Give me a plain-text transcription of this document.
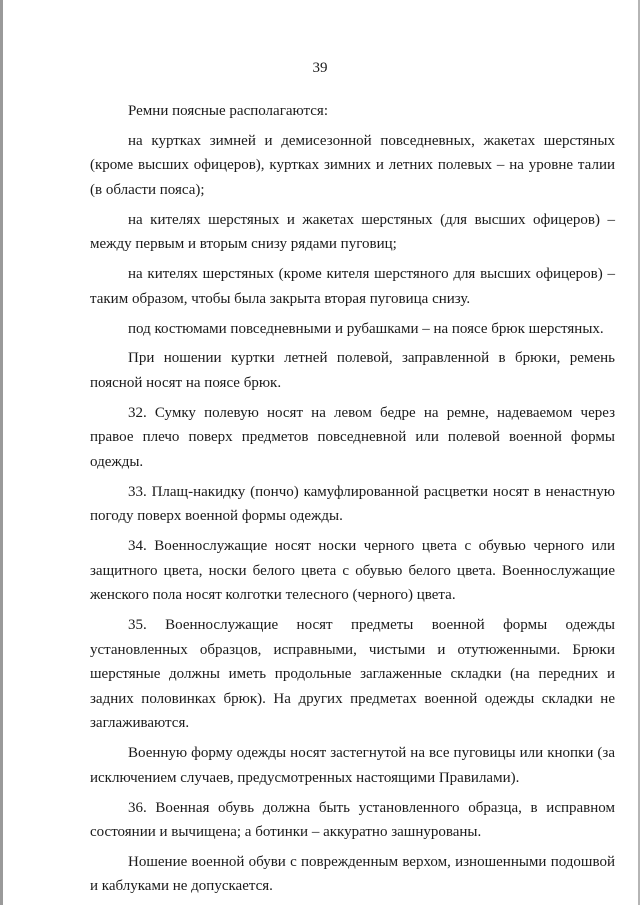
39

Ремни поясные располагаются:

на куртках зимней и демисезонной повседневных, жакетах шерстяных (кроме высших офицеров), куртках зимних и летних полевых – на уровне талии (в области пояса);

на кителях шерстяных и жакетах шерстяных (для высших офицеров) – между первым и вторым снизу рядами пуговиц;

на кителях шерстяных (кроме кителя шерстяного для высших офицеров) – таким образом, чтобы была закрыта вторая пуговица снизу.

под костюмами повседневными и рубашками – на поясе брюк шерстяных.

При ношении куртки летней полевой, заправленной в брюки, ремень поясной носят на поясе брюк.

32. Сумку полевую носят на левом бедре на ремне, надеваемом через правое плечо поверх предметов повседневной или полевой военной формы одежды.

33. Плащ-накидку (пончо) камуфлированной расцветки носят в ненастную погоду поверх военной формы одежды.

34. Военнослужащие носят носки черного цвета с обувью черного или защитного цвета, носки белого цвета с обувью белого цвета. Военнослужащие женского пола носят колготки телесного (черного) цвета.

35. Военнослужащие носят предметы военной формы одежды установленных образцов, исправными, чистыми и отутюженными. Брюки шерстяные должны иметь продольные заглаженные складки (на передних и задних половинках брюк). На других предметах военной одежды складки не заглаживаются.

Военную форму одежды носят застегнутой на все пуговицы или кнопки (за исключением случаев, предусмотренных настоящими Правилами).

36. Военная обувь должна быть установленного образца, в исправном состоянии и вычищена; а ботинки – аккуратно зашнурованы.

Ношение военной обуви с поврежденным верхом, изношенными подошвой и каблуками не допускается.
